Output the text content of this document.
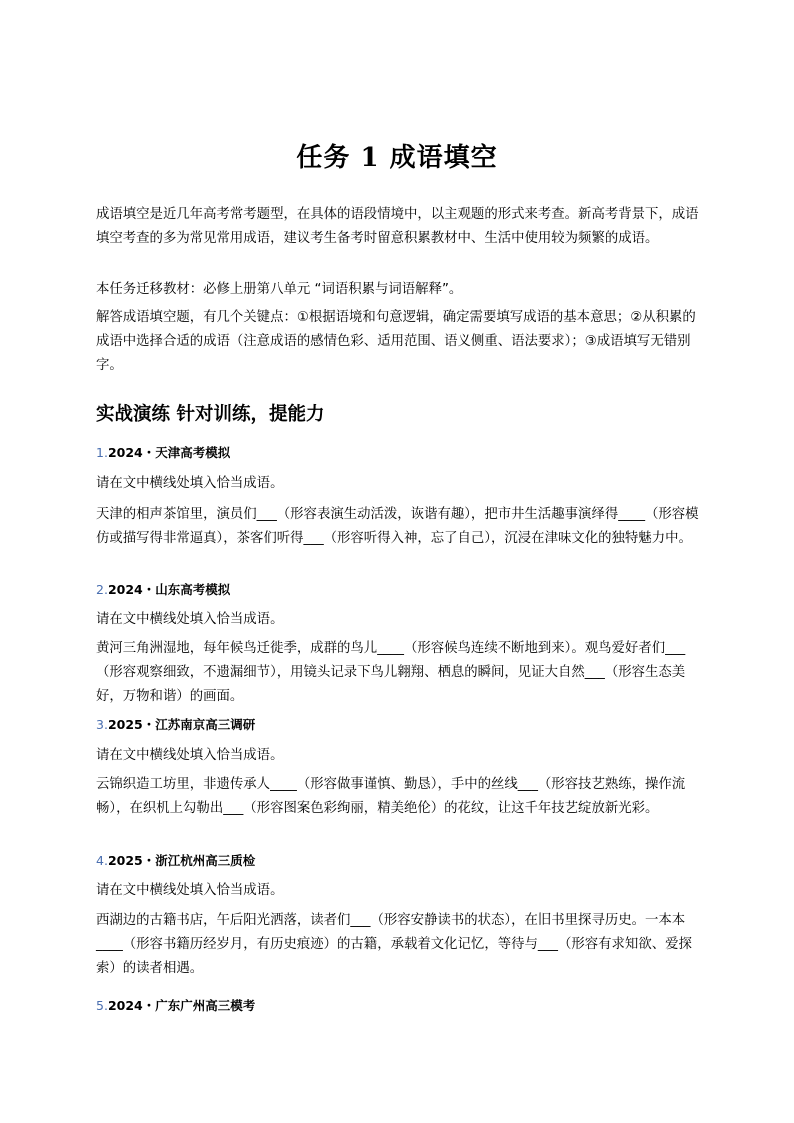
任务 1 成语填空

成语填空是近几年高考常考题型，在具体的语段情境中，以主观题的形式来考查。新高考背景下，成语填空考查的多为常见常用成语，建议考生备考时留意积累教材中、生活中使用较为频繁的成语。

本任务迁移教材：必修上册第八单元 “词语积累与词语解释”。

解答成语填空题，有几个关键点：①根据语境和句意逻辑，确定需要填写成语的基本意思；②从积累的成语中选择合适的成语（注意成语的感情色彩、适用范围、语义侧重、语法要求）；③成语填写无错别字。

实战演练 针对训练，提能力
1.2024・天津高考模拟

请在文中横线处填入恰当成语。

天津的相声茶馆里，演员们___（形容表演生动活泼，诙谐有趣），把市井生活趣事演绎得____（形容模仿或描写得非常逼真），茶客们听得___（形容听得入神，忘了自己），沉浸在津味文化的独特魅力中。

2.2024・山东高考模拟

请在文中横线处填入恰当成语。

黄河三角洲湿地，每年候鸟迁徙季，成群的鸟儿____（形容候鸟连续不断地到来）。观鸟爱好者们___（形容观察细致，不遗漏细节），用镜头记录下鸟儿翱翔、栖息的瞬间，见证大自然___（形容生态美好，万物和谐）的画面。

3.2025・江苏南京高三调研

请在文中横线处填入恰当成语。

云锦织造工坊里，非遗传承人____（形容做事谨慎、勤恳），手中的丝线___（形容技艺熟练，操作流畅），在织机上勾勒出___（形容图案色彩绚丽，精美绝伦）的花纹，让这千年技艺绽放新光彩。

4.2025・浙江杭州高三质检

请在文中横线处填入恰当成语。

西湖边的古籍书店，午后阳光洒落，读者们___（形容安静读书的状态），在旧书里探寻历史。一本本____（形容书籍历经岁月，有历史痕迹）的古籍，承载着文化记忆，等待与___（形容有求知欲、爱探索）的读者相遇。

5.2024・广东广州高三模考
